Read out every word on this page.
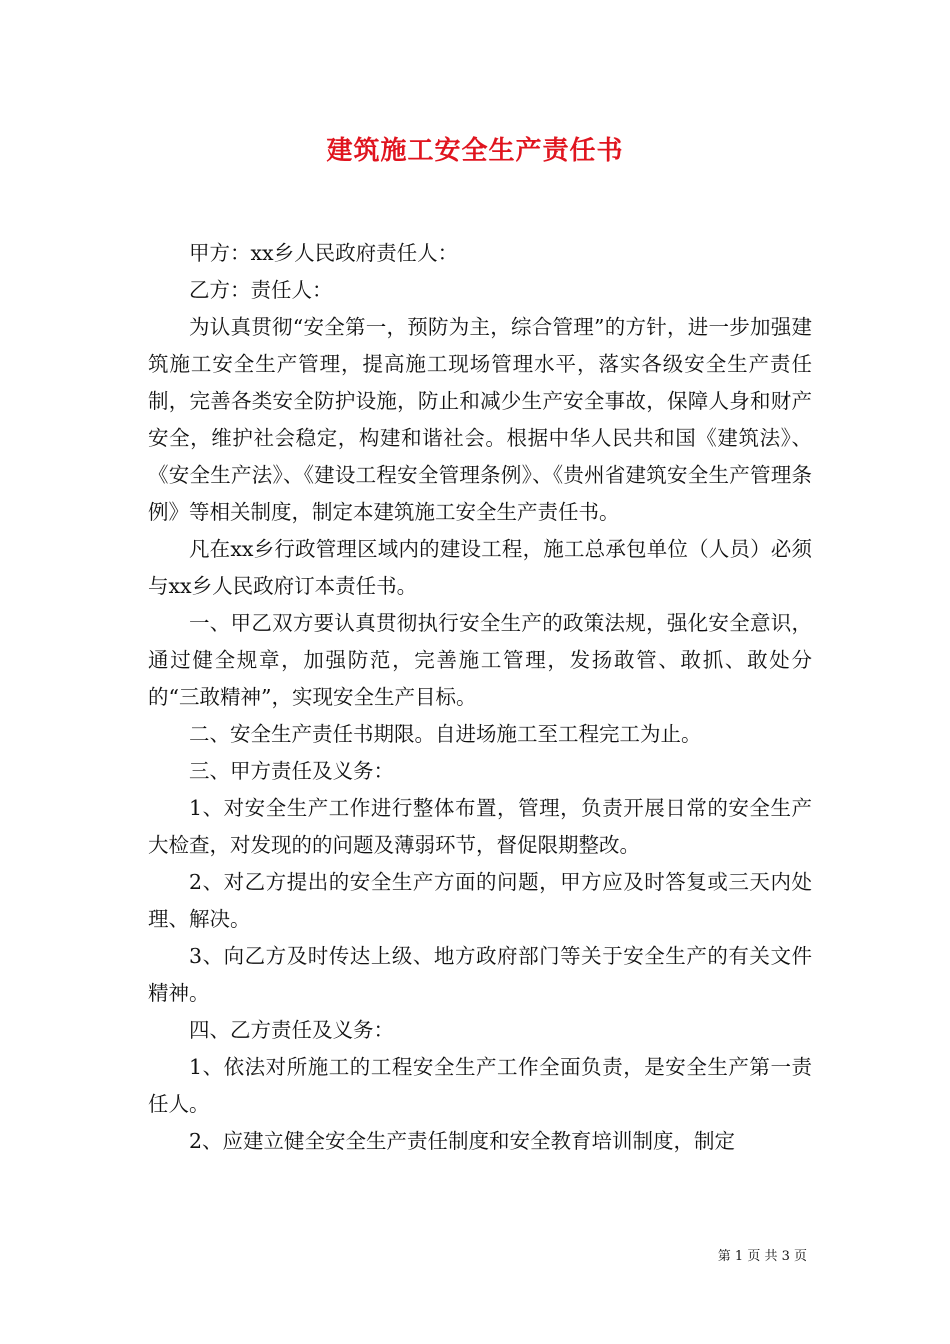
建筑施工安全生产责任书

甲方：xx乡人民政府责任人：

乙方：责任人：

为认真贯彻“安全第一，预防为主，综合管理”的方针，进一步加强建筑施工安全生产管理，提高施工现场管理水平，落实各级安全生产责任制，完善各类安全防护设施，防止和减少生产安全事故，保障人身和财产安全，维护社会稳定，构建和谐社会。根据中华人民共和国《建筑法》、《安全生产法》、《建设工程安全管理条例》、《贵州省建筑安全生产管理条例》等相关制度，制定本建筑施工安全生产责任书。

凡在xx乡行政管理区域内的建设工程，施工总承包单位（人员）必须与xx乡人民政府订本责任书。

一、甲乙双方要认真贯彻执行安全生产的政策法规，强化安全意识，通过健全规章，加强防范，完善施工管理，发扬敢管、敢抓、敢处分的“三敢精神”，实现安全生产目标。

二、安全生产责任书期限。自进场施工至工程完工为止。

三、甲方责任及义务：

1、对安全生产工作进行整体布置，管理，负责开展日常的安全生产大检查，对发现的的问题及薄弱环节，督促限期整改。

2、对乙方提出的安全生产方面的问题，甲方应及时答复或三天内处理、解决。

3、向乙方及时传达上级、地方政府部门等关于安全生产的有关文件精神。

四、乙方责任及义务：

1、依法对所施工的工程安全生产工作全面负责，是安全生产第一责任人。

2、应建立健全安全生产责任制度和安全教育培训制度，制定

第 1 页 共 3 页
